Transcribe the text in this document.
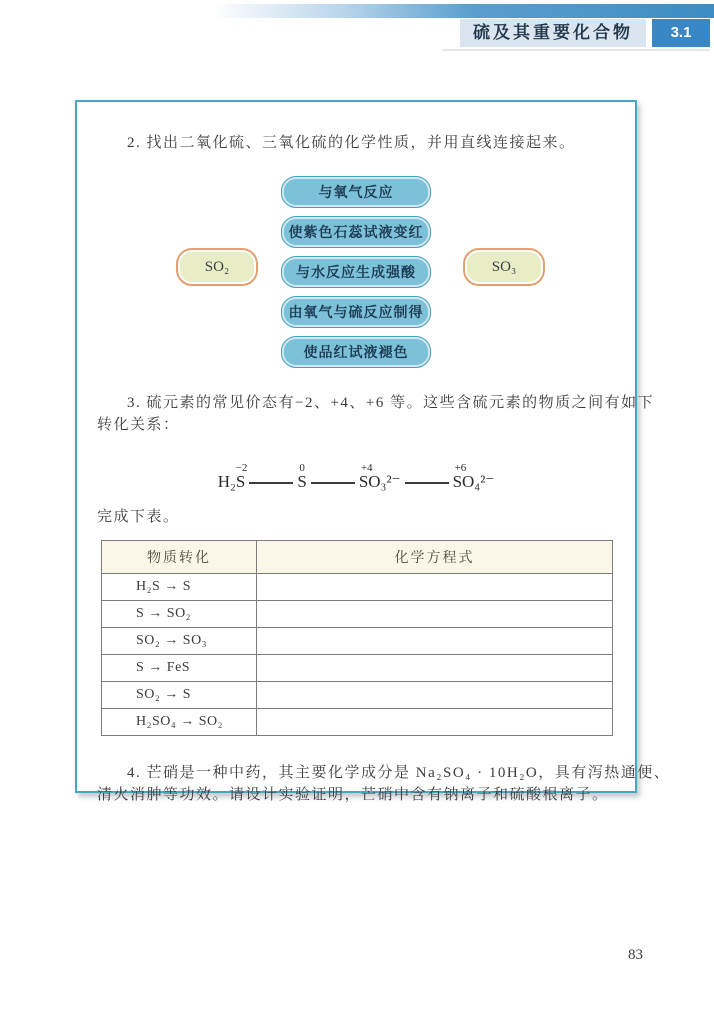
硫及其重要化合物	3.1
2. 找出二氧化硫、三氧化硫的化学性质，并用直线连接起来。
与氧气反应
使紫色石蕊试液变红
与水反应生成强酸
由氧气与硫反应制得
使品红试液褪色
SO₂	SO₃
3. 硫元素的常见价态有−2、+4、+6 等。这些含硫元素的物质之间有如下
转化关系：
−2
H₂S
0
S
+4
SO₃²⁻
+6
SO₄²⁻
完成下表。
物质转化	化学方程式
H₂S → S	
S → SO₂	
SO₂ → SO₃	
S → FeS	
SO₂ → S	
H₂SO₄ → SO₂	
4. 芒硝是一种中药，其主要化学成分是 Na₂SO₄ · 10H₂O，具有泻热通便、
清火消肿等功效。请设计实验证明，芒硝中含有钠离子和硫酸根离子。
83
